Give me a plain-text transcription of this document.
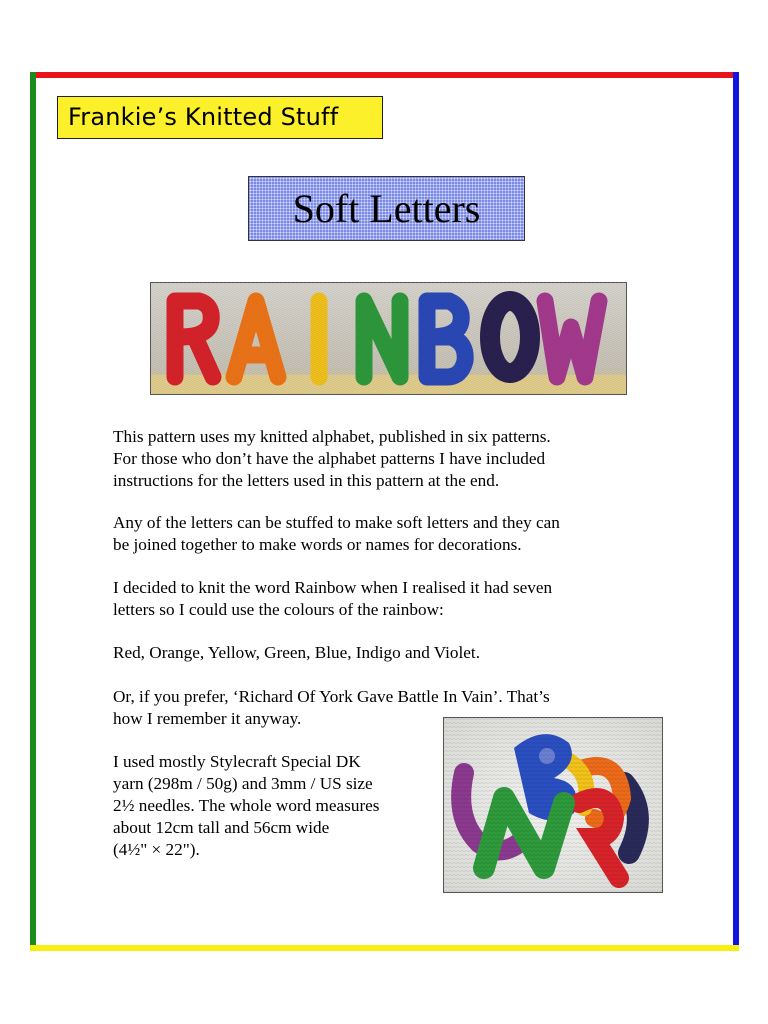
Frankie’s Knitted Stuff
Soft Letters

This pattern uses my knitted alphabet, published in six patterns.

For those who don’t have the alphabet patterns I have included

instructions for the letters used in this pattern at the end.

Any of the letters can be stuffed to make soft letters and they can

be joined together to make words or names for decorations.

I decided to knit the word Rainbow when I realised it had seven

letters so I could use the colours of the rainbow:

Red, Orange, Yellow, Green, Blue, Indigo and Violet.

Or, if you prefer, ‘Richard Of York Gave Battle In Vain’. That’s

how I remember it anyway.

I used mostly Stylecraft Special DK

yarn (298m / 50g) and 3mm / US size

2½ needles. The whole word measures

about 12cm tall and 56cm wide

(4½" × 22").
